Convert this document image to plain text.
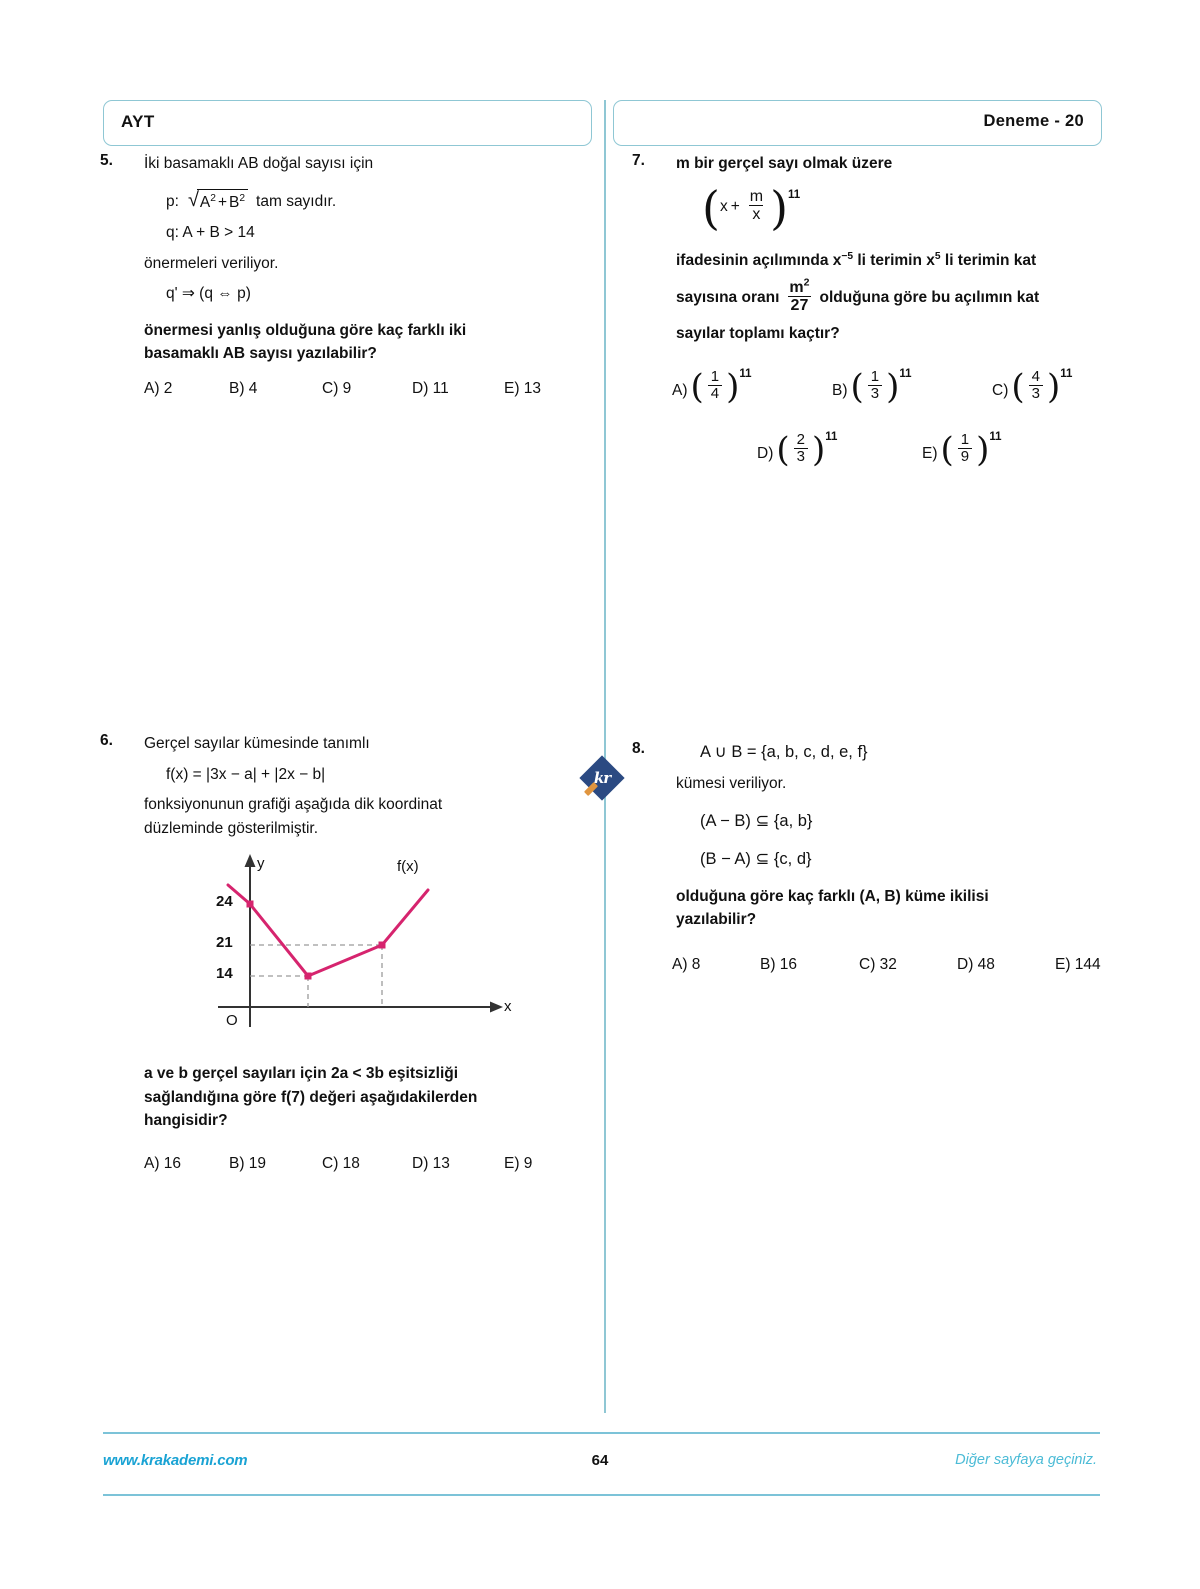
AYT	Deneme - 20
kr
5. İki basamaklı AB doğal sayısı için
p: √ $A^2 + B^2$ tam sayıdır.
q: A + B > 14
önermeleri veriliyor.
q' ⇒ (q ⇔ p)
önermesi yanlış olduğuna göre kaç farklı iki
basamaklı AB sayısı yazılabilir?
A) 2	B) 4	C) 9	D) 11	E) 13
6. Gerçel sayılar kümesinde tanımlı
f(x) = |3x − a| + |2x − b|
fonksiyonunun grafiği aşağıda dik koordinat
düzleminde gösterilmiştir.
y
x
O
f(x)
24
21
14
a ve b gerçel sayıları için 2a < 3b eşitsizliği
sağlandığına göre f(7) değeri aşağıdakilerden
hangisidir?
A) 16	B) 19	C) 18	D) 13	E) 9
7. m bir gerçel sayı olmak üzere
( $x + \frac{m}{x}$ ) 11
ifadesinin açılımında $x^{-5}$ li terimin $x^5$ li terimin kat
sayısına oranı $\frac{m^2}{27}$ olduğuna göre bu açılımın kat
sayılar toplamı kaçtır?
A) ( $\frac{1}{4}$ ) 11
B) ( $\frac{1}{3}$ ) 11
C) ( $\frac{4}{3}$ ) 11
D) ( $\frac{2}{3}$ ) 11
E) ( $\frac{1}{9}$ ) 11
8.	A ∪ B = {a, b, c, d, e, f}
kümesi veriliyor.
(A − B) ⊆ {a, b}
(B − A) ⊆ {c, d}
olduğuna göre kaç farklı (A, B) küme ikilisi
yazılabilir?
A) 8	B) 16	C) 32	D) 48	E) 144
www.krakademi.com	64	Diğer sayfaya geçiniz.
